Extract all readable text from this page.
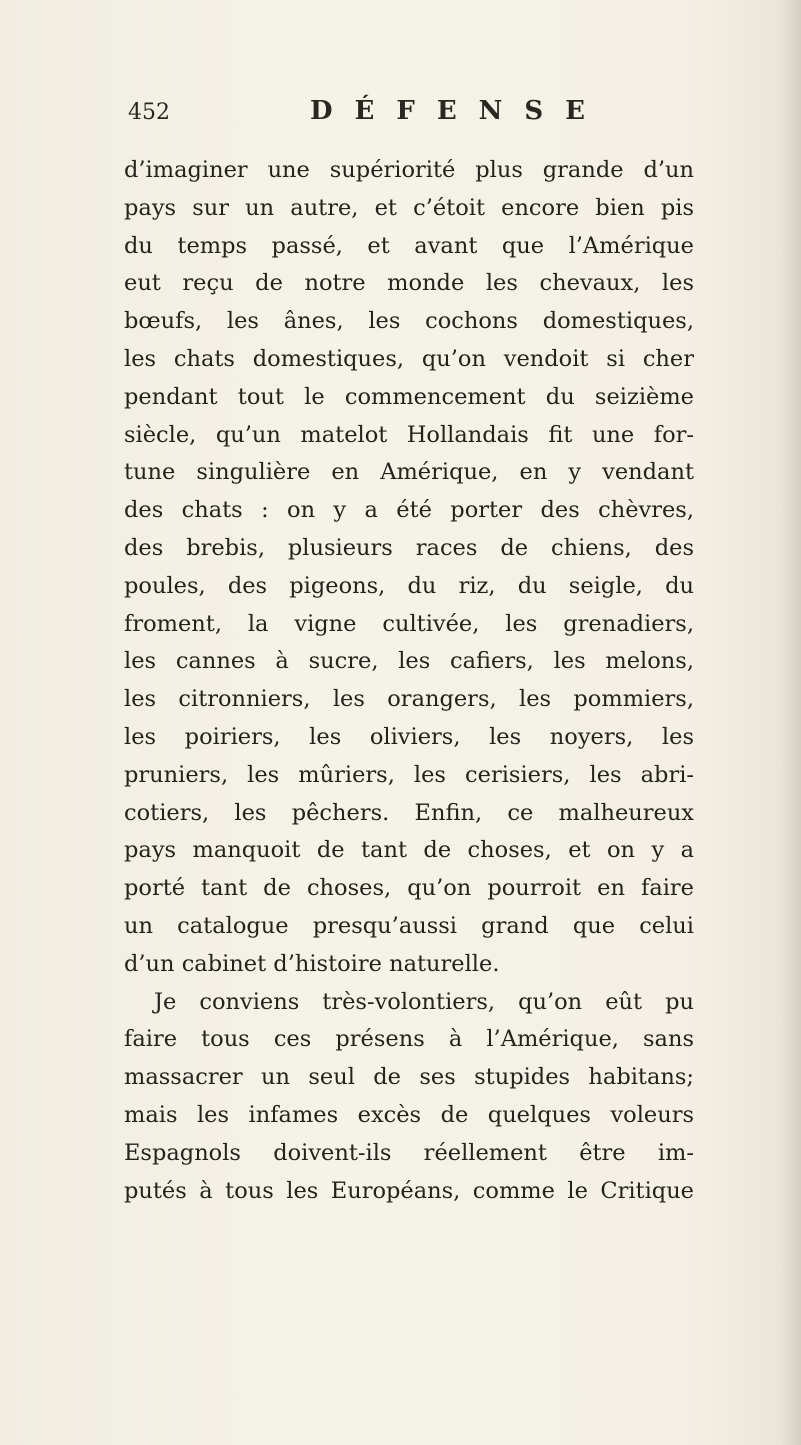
452	DÉFENSE
d’imaginer une supériorité plus grande d’un
pays sur un autre, et c’étoit encore bien pis
du temps passé, et avant que l’Amérique
eut reçu de notre monde les chevaux, les
bœufs, les ânes, les cochons domestiques,
les chats domestiques, qu’on vendoit si cher
pendant tout le commencement du seizième
siècle, qu’un matelot Hollandais fit une for-
tune singulière en Amérique, en y vendant
des chats : on y a été porter des chèvres,
des brebis, plusieurs races de chiens, des
poules, des pigeons, du riz, du seigle, du
froment, la vigne cultivée, les grenadiers,
les cannes à sucre, les cafiers, les melons,
les citronniers, les orangers, les pommiers,
les poiriers, les oliviers, les noyers, les
pruniers, les mûriers, les cerisiers, les abri-
cotiers, les pêchers. Enfin, ce malheureux
pays manquoit de tant de choses, et on y a
porté tant de choses, qu’on pourroit en faire
un catalogue presqu’aussi grand que celui
d’un cabinet d’histoire naturelle.
Je conviens très-volontiers, qu’on eût pu
faire tous ces présens à l’Amérique, sans
massacrer un seul de ses stupides habitans;
mais les infames excès de quelques voleurs
Espagnols doivent-ils réellement être im-
putés à tous les Européans, comme le Critique
